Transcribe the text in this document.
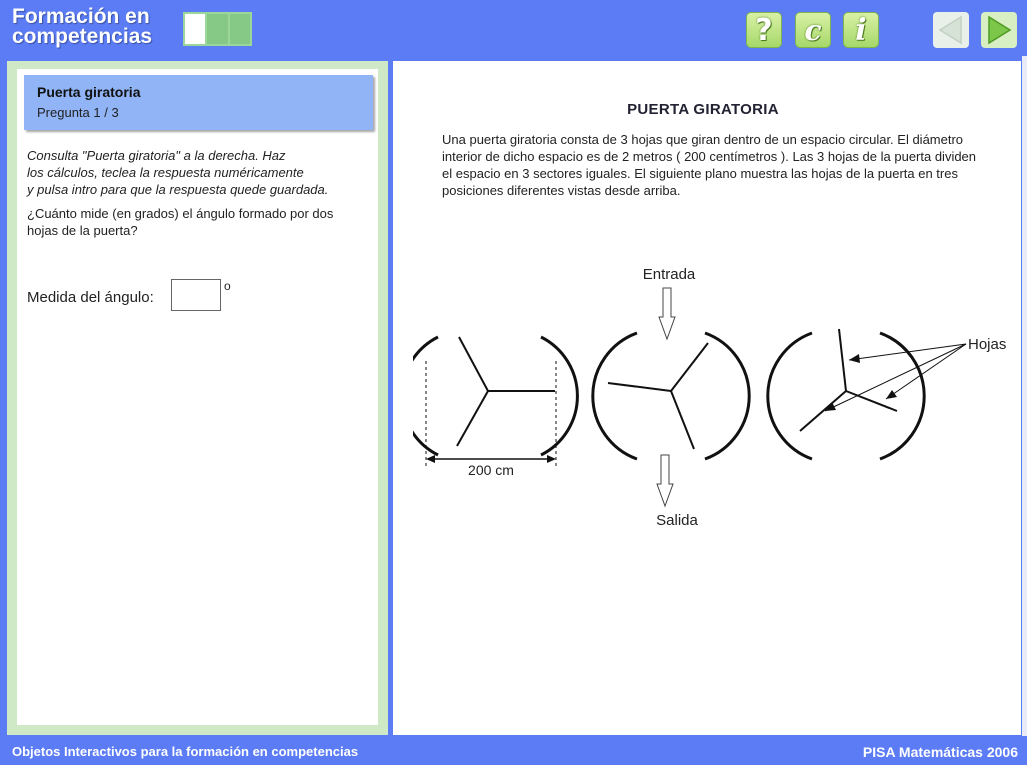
Formación en
competencias	? c i
Puerta giratoria
Pregunta 1 / 3
Consulta "Puerta giratoria" a la derecha. Haz
los cálculos, teclea la respuesta numéricamente
y pulsa intro para que la respuesta quede guardada.
¿Cuánto mide (en grados) el ángulo formado por dos hojas de la puerta?
Medida del ángulo:
o
PUERTA GIRATORIA
Una puerta giratoria consta de 3 hojas que giran dentro de un espacio circular. El diámetro interior de dicho espacio es de 2 metros ( 200 centímetros ). Las 3 hojas de la puerta dividen el espacio en 3 sectores iguales. El siguiente plano muestra las hojas de la puerta en tres posiciones diferentes vistas desde arriba.
200 cm
Entrada
Salida
Hojas
Objetos Interactivos para la formación en competencias	PISA Matemáticas 2006
